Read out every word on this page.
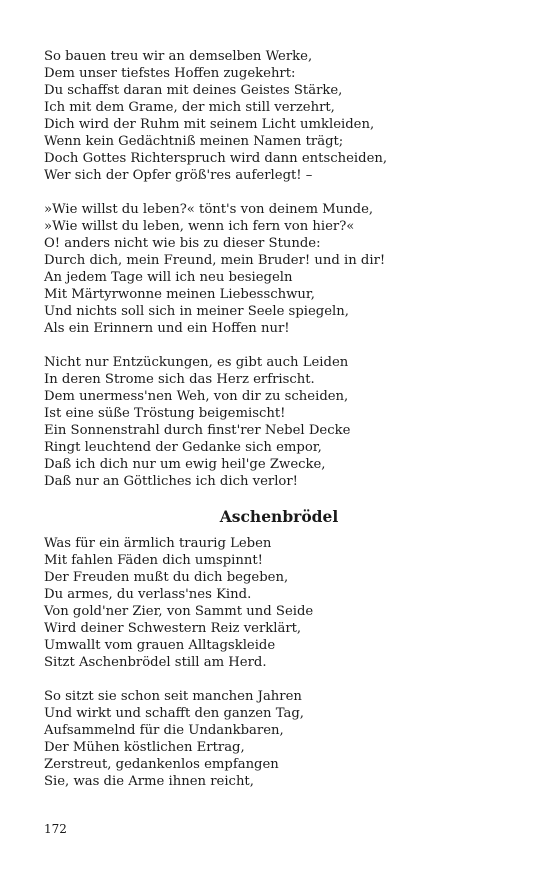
So bauen treu wir an demselben Werke,
Dem unser tiefstes Hoffen zugekehrt:
Du schaffst daran mit deines Geistes Stärke,
Ich mit dem Grame, der mich still verzehrt,
Dich wird der Ruhm mit seinem Licht umkleiden,
Wenn kein Gedächtniß meinen Namen trägt;
Doch Gottes Richterspruch wird dann entscheiden,
Wer sich der Opfer größ'res auferlegt! –
»Wie willst du leben?« tönt's von deinem Munde,
»Wie willst du leben, wenn ich fern von hier?«
O! anders nicht wie bis zu dieser Stunde:
Durch dich, mein Freund, mein Bruder! und in dir!
An jedem Tage will ich neu besiegeln
Mit Märtyrwonne meinen Liebesschwur,
Und nichts soll sich in meiner Seele spiegeln,
Als ein Erinnern und ein Hoffen nur!
Nicht nur Entzückungen, es gibt auch Leiden
In deren Strome sich das Herz erfrischt.
Dem unermess'nen Weh, von dir zu scheiden,
Ist eine süße Tröstung beigemischt!
Ein Sonnenstrahl durch finst'rer Nebel Decke
Ringt leuchtend der Gedanke sich empor,
Daß ich dich nur um ewig heil'ge Zwecke,
Daß nur an Göttliches ich dich verlor!
Aschenbrödel
Was für ein ärmlich traurig Leben
Mit fahlen Fäden dich umspinnt!
Der Freuden mußt du dich begeben,
Du armes, du verlass'nes Kind.
Von gold'ner Zier, von Sammt und Seide
Wird deiner Schwestern Reiz verklärt,
Umwallt vom grauen Alltagskleide
Sitzt Aschenbrödel still am Herd.
So sitzt sie schon seit manchen Jahren
Und wirkt und schafft den ganzen Tag,
Aufsammelnd für die Undankbaren,
Der Mühen köstlichen Ertrag,
Zerstreut, gedankenlos empfangen
Sie, was die Arme ihnen reicht,
172
